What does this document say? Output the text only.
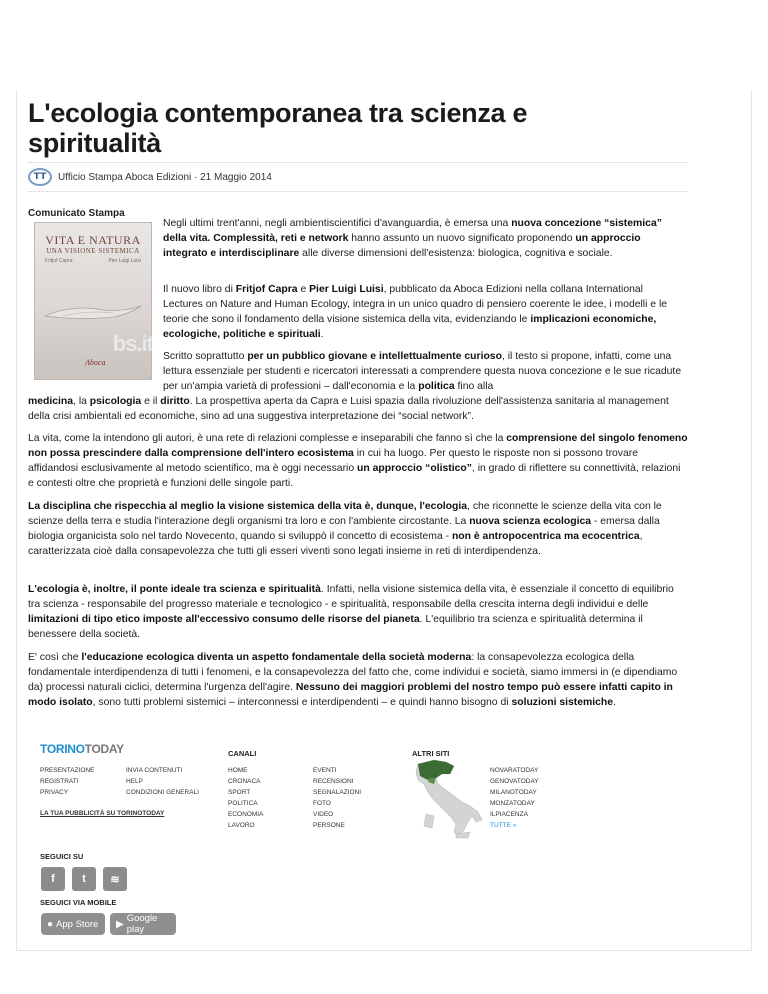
L'ecologia contemporanea tra scienza e spiritualità
TT	Ufficio Stampa Aboca Edizioni · 21 Maggio 2014
Comunicato Stampa
VITA E NATURA
UNA VISIONE SISTEMICA
Fritjof Capra	Pier Luigi Luisi
Aboca
bs.it

Negli ultimi trent'anni, negli ambientiscientifici d'avanguardia, è emersa una nuova concezione “sistemica” della vita. Complessità, reti e network hanno assunto un nuovo significato proponendo un approccio integrato e interdisciplinare alle diverse dimensioni dell'esistenza: biologica, cognitiva e sociale.

Il nuovo libro di Fritjof Capra e Pier Luigi Luisi, pubblicato da Aboca Edizioni nella collana International Lectures on Nature and Human Ecology, integra in un unico quadro di pensiero coerente le idee, i modelli e le teorie che sono il fondamento della visione sistemica della vita, evidenziando le implicazioni economiche, ecologiche, politiche e spirituali.

Scritto soprattutto per un pubblico giovane e intellettualmente curioso, il testo si propone, infatti, come una lettura essenziale per studenti e ricercatori interessati a comprendere questa nuova concezione e le sue ricadute per un'ampia varietà di professioni – dall'economia e la politica fino alla

medicina, la psicologia e il diritto. La prospettiva aperta da Capra e Luisi spazia dalla rivoluzione dell'assistenza sanitaria al management della crisi ambientali ed economiche, sino ad una suggestiva interpretazione dei “social network”.

La vita, come la intendono gli autori, è una rete di relazioni complesse e inseparabili che fanno sì che la comprensione del singolo fenomeno non possa prescindere dalla comprensione dell'intero ecosistema in cui ha luogo. Per questo le risposte non si possono trovare affidandosi esclusivamente al metodo scientifico, ma è oggi necessario un approccio “olistico”, in grado di riflettere su connettività, relazioni e contesti oltre che proprietà e funzioni delle singole parti.

La disciplina che rispecchia al meglio la visione sistemica della vita è, dunque, l'ecologia, che riconnette le scienze della vita con le scienze della terra e studia l'interazione degli organismi tra loro e con l'ambiente circostante. La nuova scienza ecologica - emersa dalla biologia organicista solo nel tardo Novecento, quando si sviluppò il concetto di ecosistema - non è antropocentrica ma ecocentrica, caratterizzata cioè dalla consapevolezza che tutti gli esseri viventi sono legati insieme in reti di interdipendenza.

L'ecologia è, inoltre, il ponte ideale tra scienza e spiritualità. Infatti, nella visione sistemica della vita, è essenziale il concetto di equilibrio tra scienza - responsabile del progresso materiale e tecnologico - e spiritualità, responsabile della crescita interna degli individui e delle limitazioni di tipo etico imposte all'eccessivo consumo delle risorse del pianeta. L'equilibrio tra scienza e spiritualità determina il benessere della società.

E' così che l'educazione ecologica diventa un aspetto fondamentale della società moderna: la consapevolezza ecologica della fondamentale interdipendenza di tutti i fenomeni, e la consapevolezza del fatto che, come individui e società, siamo immersi in (e dipendiamo da) processi naturali ciclici, determina l'urgenza dell'agire. Nessuno dei maggiori problemi del nostro tempo può essere infatti capito in modo isolato, sono tutti problemi sistemici – interconnessi e interdipendenti – e quindi hanno bisogno di soluzioni sistemiche.

TORINOTODAY
PRESENTAZIONE
REGISTRATI
PRIVACY
INVIA CONTENUTI
HELP
CONDIZIONI GENERALI
LA TUA PUBBLICITÀ SU TORINOTODAY
CANALI
HOME
CRONACA
SPORT
POLITICA
ECONOMIA
LAVORO
EVENTI
RECENSIONI
SEGNALAZIONI
FOTO
VIDEO
PERSONE
ALTRI SITI
NOVARATODAY
GENOVATODAY
MILANOTODAY
MONZATODAY
ILPIACENZA
TUTTE »
SEGUICI SU
f	t	≋
SEGUICI VIA MOBILE
● App Store ▶ Google play
